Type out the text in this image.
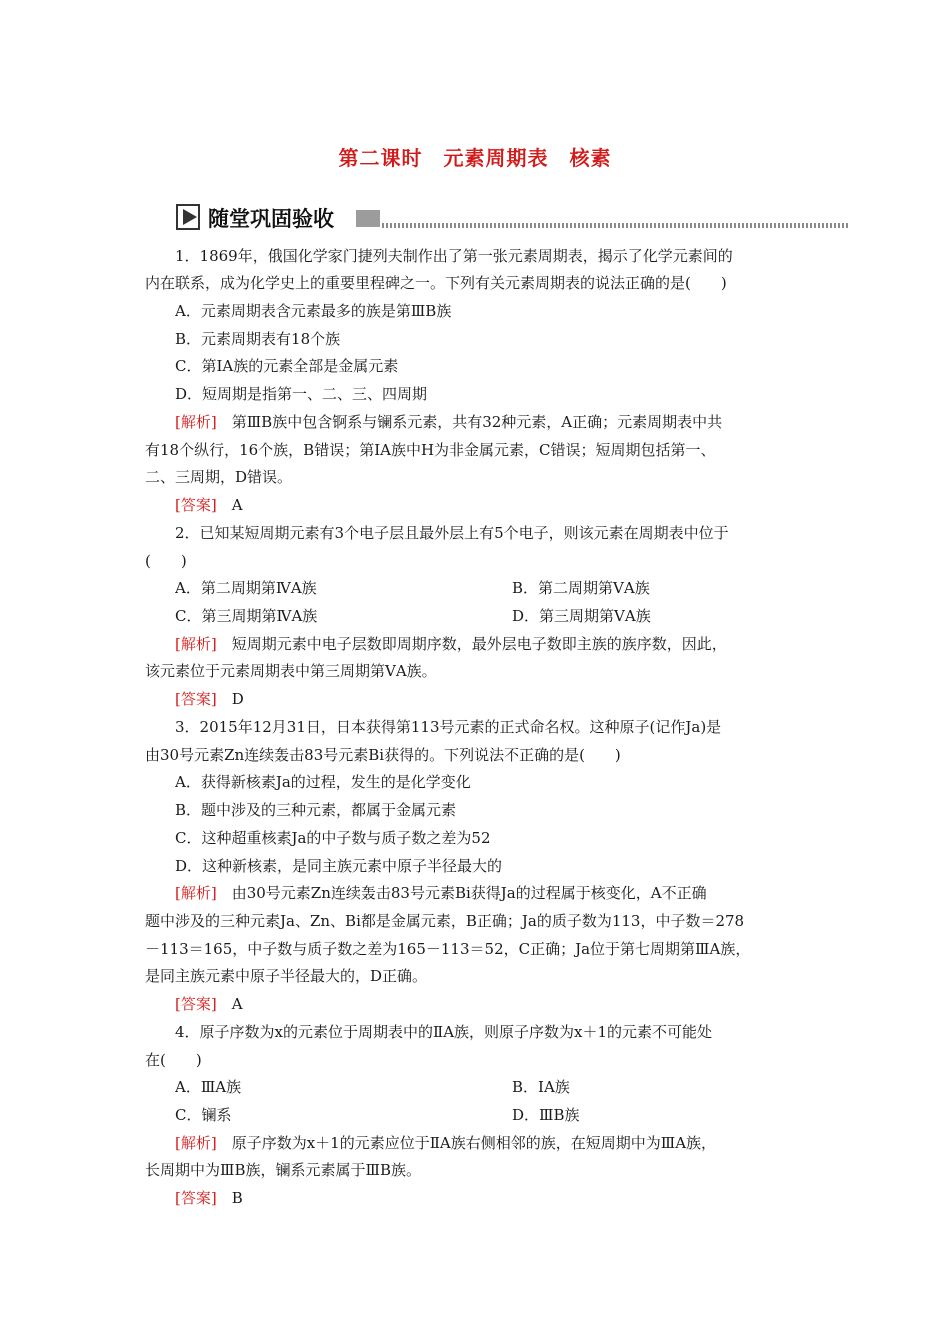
第二课时　元素周期表　核素
随堂巩固验收
1．1869年，俄国化学家门捷列夫制作出了第一张元素周期表，揭示了化学元素间的
内在联系，成为化学史上的重要里程碑之一。下列有关元素周期表的说法正确的是(　　)
A．元素周期表含元素最多的族是第ⅢB族
B．元素周期表有18个族
C．第ⅠA族的元素全部是金属元素
D．短周期是指第一、二、三、四周期
[解析]　第ⅢB族中包含锕系与镧系元素，共有32种元素，A正确；元素周期表中共
有18个纵行，16个族，B错误；第ⅠA族中H为非金属元素，C错误；短周期包括第一、
二、三周期，D错误。
[答案]　A
2．已知某短周期元素有3个电子层且最外层上有5个电子，则该元素在周期表中位于
(　　)
A．第二周期第ⅣA族	B．第二周期第ⅤA族
C．第三周期第ⅣA族	D．第三周期第ⅤA族
[解析]　短周期元素中电子层数即周期序数，最外层电子数即主族的族序数，因此，
该元素位于元素周期表中第三周期第ⅤA族。
[答案]　D
3．2015年12月31日，日本获得第113号元素的正式命名权。这种原子(记作Ja)是
由30号元素Zn连续轰击83号元素Bi获得的。下列说法不正确的是(　　)
A．获得新核素Ja的过程，发生的是化学变化
B．题中涉及的三种元素，都属于金属元素
C．这种超重核素Ja的中子数与质子数之差为52
D．这种新核素，是同主族元素中原子半径最大的
[解析]　由30号元素Zn连续轰击83号元素Bi获得Ja的过程属于核变化，A不正确
题中涉及的三种元素Ja、Zn、Bi都是金属元素，B正确；Ja的质子数为113，中子数＝278
－113＝165，中子数与质子数之差为165－113＝52，C正确；Ja位于第七周期第ⅢA族，
是同主族元素中原子半径最大的，D正确。
[答案]　A
4．原子序数为x的元素位于周期表中的ⅡA族，则原子序数为x＋1的元素不可能处
在(　　)
A．ⅢA族	B．ⅠA族
C．镧系	D．ⅢB族
[解析]　原子序数为x＋1的元素应位于ⅡA族右侧相邻的族，在短周期中为ⅢA族，
长周期中为ⅢB族，镧系元素属于ⅢB族。
[答案]　B
